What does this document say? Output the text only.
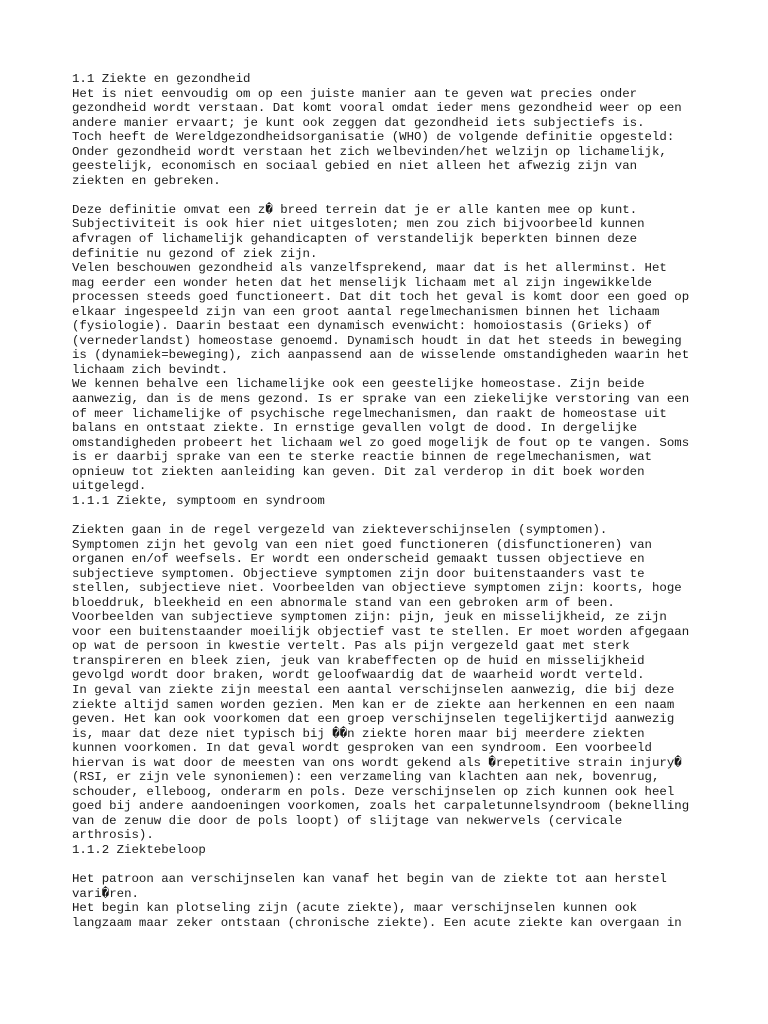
1.1 Ziekte en gezondheid
Het is niet eenvoudig om op een juiste manier aan te geven wat precies onder
gezondheid wordt verstaan. Dat komt vooral omdat ieder mens gezondheid weer op een
andere manier ervaart; je kunt ook zeggen dat gezondheid iets subjectiefs is.
Toch heeft de Wereldgezondheidsorganisatie (WHO) de volgende definitie opgesteld:
Onder gezondheid wordt verstaan het zich welbevinden/het welzijn op lichamelijk,
geestelijk, economisch en sociaal gebied en niet alleen het afwezig zijn van
ziekten en gebreken.
Deze definitie omvat een z� breed terrein dat je er alle kanten mee op kunt.
Subjectiviteit is ook hier niet uitgesloten; men zou zich bijvoorbeeld kunnen
afvragen of lichamelijk gehandicapten of verstandelijk beperkten binnen deze
definitie nu gezond of ziek zijn.
Velen beschouwen gezondheid als vanzelfsprekend, maar dat is het allerminst. Het
mag eerder een wonder heten dat het menselijk lichaam met al zijn ingewikkelde
processen steeds goed functioneert. Dat dit toch het geval is komt door een goed op
elkaar ingespeeld zijn van een groot aantal regelmechanismen binnen het lichaam
(fysiologie). Daarin bestaat een dynamisch evenwicht: homoiostasis (Grieks) of
(vernederlandst) homeostase genoemd. Dynamisch houdt in dat het steeds in beweging
is (dynamiek=beweging), zich aanpassend aan de wisselende omstandigheden waarin het
lichaam zich bevindt.
We kennen behalve een lichamelijke ook een geestelijke homeostase. Zijn beide
aanwezig, dan is de mens gezond. Is er sprake van een ziekelijke verstoring van een
of meer lichamelijke of psychische regelmechanismen, dan raakt de homeostase uit
balans en ontstaat ziekte. In ernstige gevallen volgt de dood. In dergelijke
omstandigheden probeert het lichaam wel zo goed mogelijk de fout op te vangen. Soms
is er daarbij sprake van een te sterke reactie binnen de regelmechanismen, wat
opnieuw tot ziekten aanleiding kan geven. Dit zal verderop in dit boek worden
uitgelegd.
1.1.1 Ziekte, symptoom en syndroom
Ziekten gaan in de regel vergezeld van ziekteverschijnselen (symptomen).
Symptomen zijn het gevolg van een niet goed functioneren (disfunctioneren) van
organen en/of weefsels. Er wordt een onderscheid gemaakt tussen objectieve en
subjectieve symptomen. Objectieve symptomen zijn door buitenstaanders vast te
stellen, subjectieve niet. Voorbeelden van objectieve symptomen zijn: koorts, hoge
bloeddruk, bleekheid en een abnormale stand van een gebroken arm of been.
Voorbeelden van subjectieve symptomen zijn: pijn, jeuk en misselijkheid, ze zijn
voor een buitenstaander moeilijk objectief vast te stellen. Er moet worden afgegaan
op wat de persoon in kwestie vertelt. Pas als pijn vergezeld gaat met sterk
transpireren en bleek zien, jeuk van krabeffecten op de huid en misselijkheid
gevolgd wordt door braken, wordt geloofwaardig dat de waarheid wordt verteld.
In geval van ziekte zijn meestal een aantal verschijnselen aanwezig, die bij deze
ziekte altijd samen worden gezien. Men kan er de ziekte aan herkennen en een naam
geven. Het kan ook voorkomen dat een groep verschijnselen tegelijkertijd aanwezig
is, maar dat deze niet typisch bij ��n ziekte horen maar bij meerdere ziekten
kunnen voorkomen. In dat geval wordt gesproken van een syndroom. Een voorbeeld
hiervan is wat door de meesten van ons wordt gekend als �repetitive strain injury�
(RSI, er zijn vele synoniemen): een verzameling van klachten aan nek, bovenrug,
schouder, elleboog, onderarm en pols. Deze verschijnselen op zich kunnen ook heel
goed bij andere aandoeningen voorkomen, zoals het carpaletunnelsyndroom (beknelling
van de zenuw die door de pols loopt) of slijtage van nekwervels (cervicale
arthrosis).
1.1.2 Ziektebeloop
Het patroon aan verschijnselen kan vanaf het begin van de ziekte tot aan herstel
vari�ren.
Het begin kan plotseling zijn (acute ziekte), maar verschijnselen kunnen ook
langzaam maar zeker ontstaan (chronische ziekte). Een acute ziekte kan overgaan in
